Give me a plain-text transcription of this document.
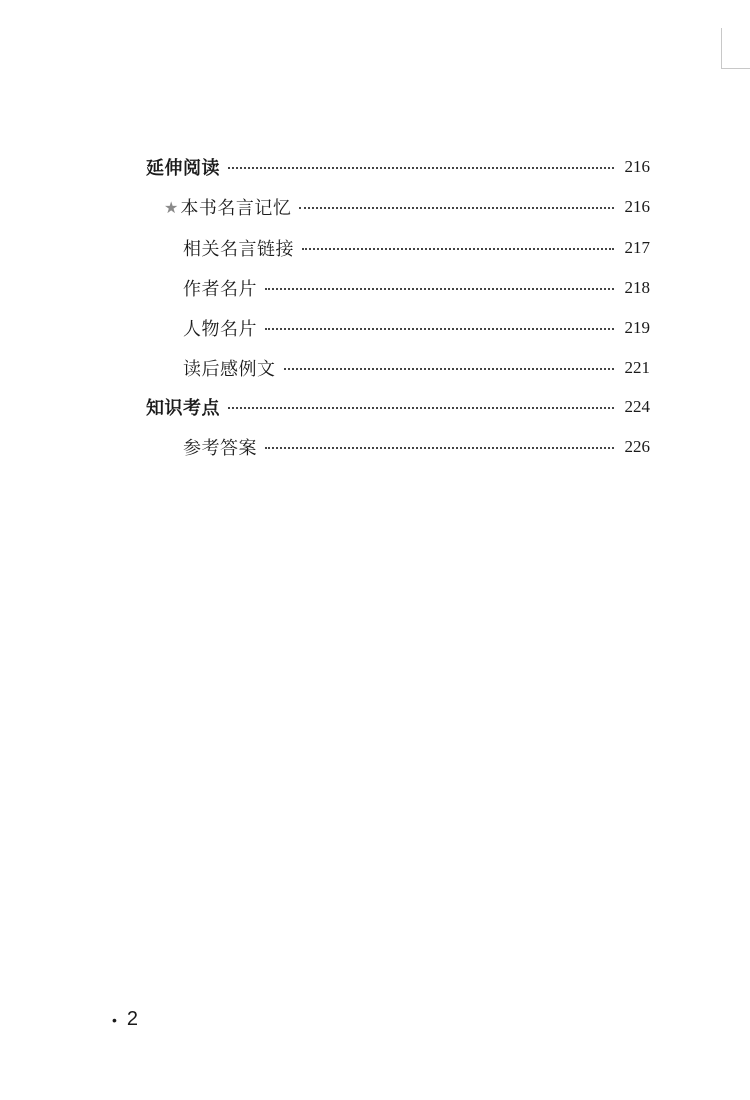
延伸阅读	216
★ 本书名言记忆	216
相关名言链接	217
作者名片	218
人物名片	219
读后感例文	221
知识考点	224
参考答案	226
• 2
